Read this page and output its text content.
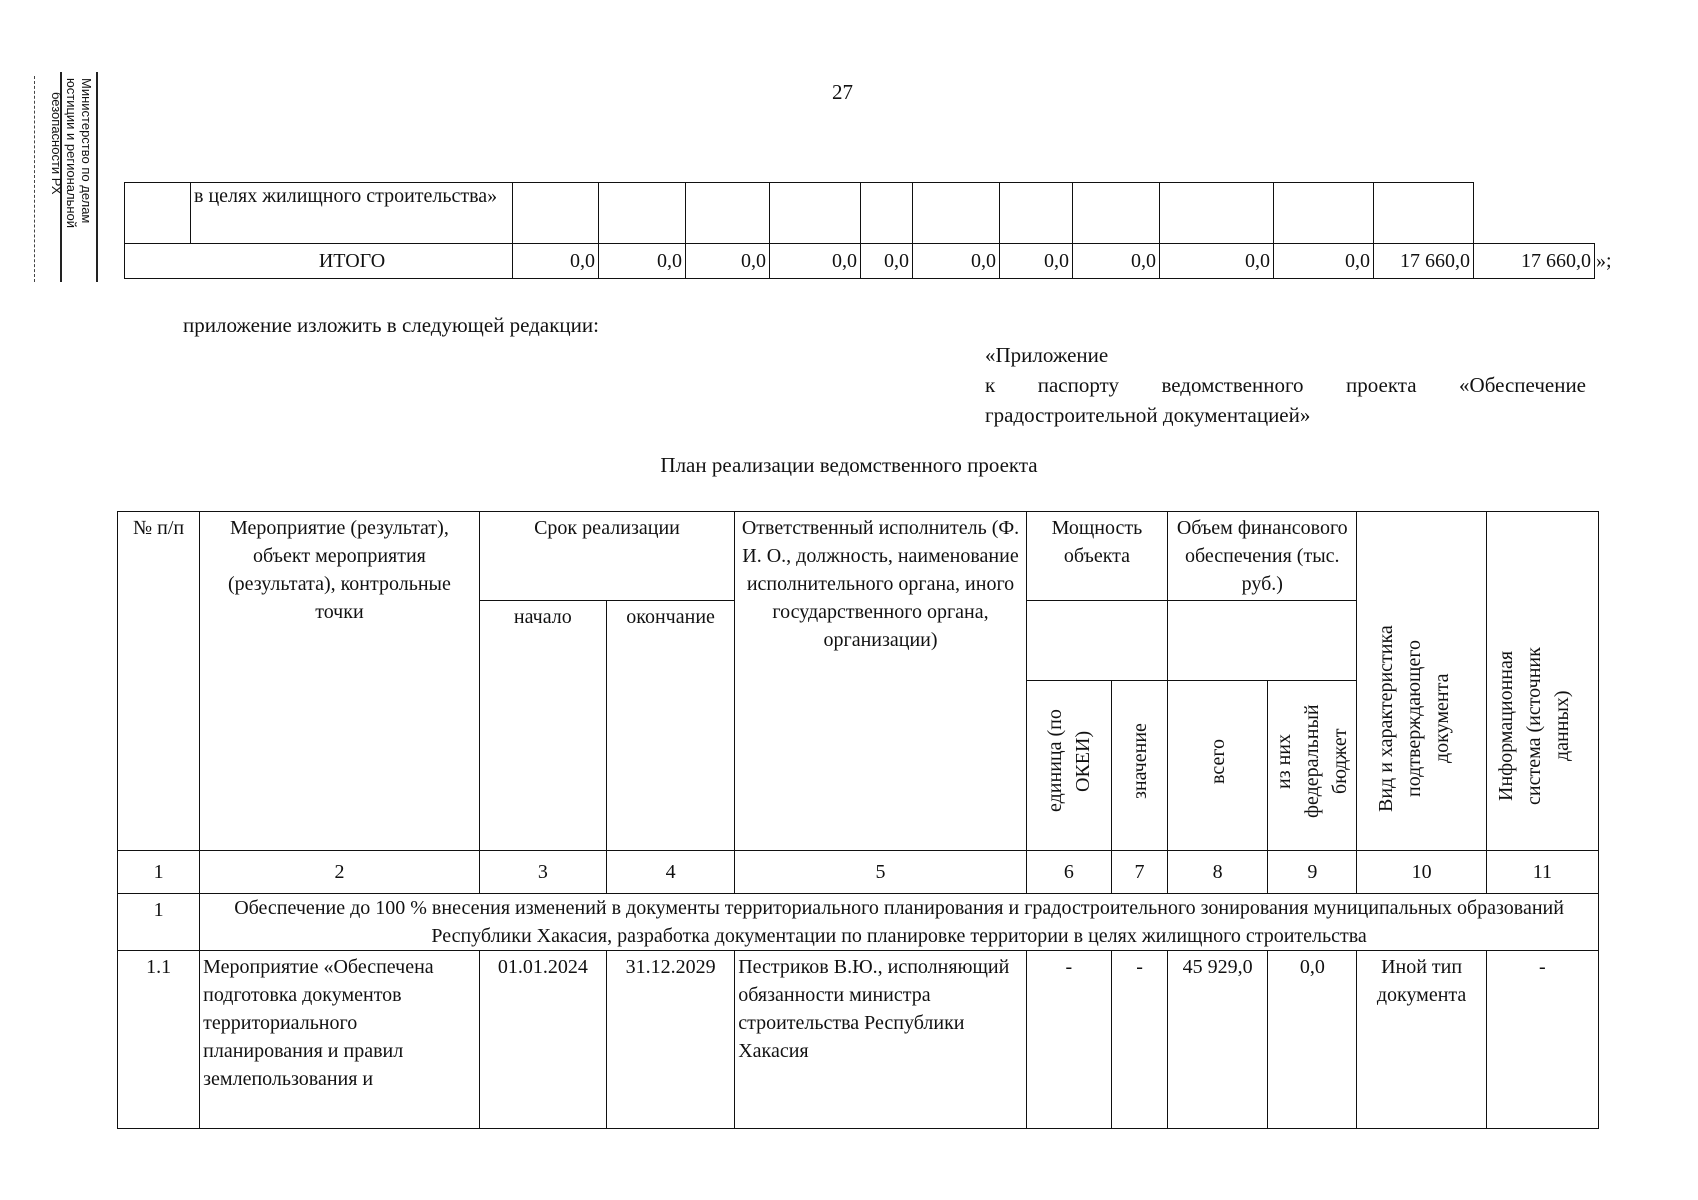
Министерство по делам
юстиции и региональной
безопасности РХ	27
	в целях жилищного строительства»												
ИТОГО		0,0	0,0	0,0	0,0	0,0	0,0	0,0	0,0	0,0	0,0	17 660,0	17 660,0 »;
приложение изложить в следующей редакции:
«Приложение
к паспорту ведомственного проекта «Обеспечение
градостроительной документацией»
План реализации ведомственного проекта
№ п/п	Мероприятие (результат), объект мероприятия (результата), контрольные точки	Срок реализации		Ответственный исполнитель (Ф. И. О., должность, наименование исполнительного органа, иного государственного органа, организации)	Мощность объекта		Объем финансового обеспечения (тыс. руб.)		Вид и характеристика подтверждающего документа	Информационная система (источник данных)
		начало	окончание							
					единица (по ОКЕИ)	значение	всего	из них федеральный бюджет		
1	2	3	4	5	6	7	8	9	10	11
1	Обеспечение до 100 % внесения изменений в документы территориального планирования и градостроительного зонирования муниципальных образований Республики Хакасия, разработка документации по планировке территории в целях жилищного строительства									
1.1	Мероприятие «Обеспечена подготовка документов территориального планирования и правил землепользования и	01.01.2024	31.12.2029	Пестриков В.Ю., исполняющий обязанности министра строительства Республики Хакасия	-	-	45 929,0	0,0	Иной тип документа	-
